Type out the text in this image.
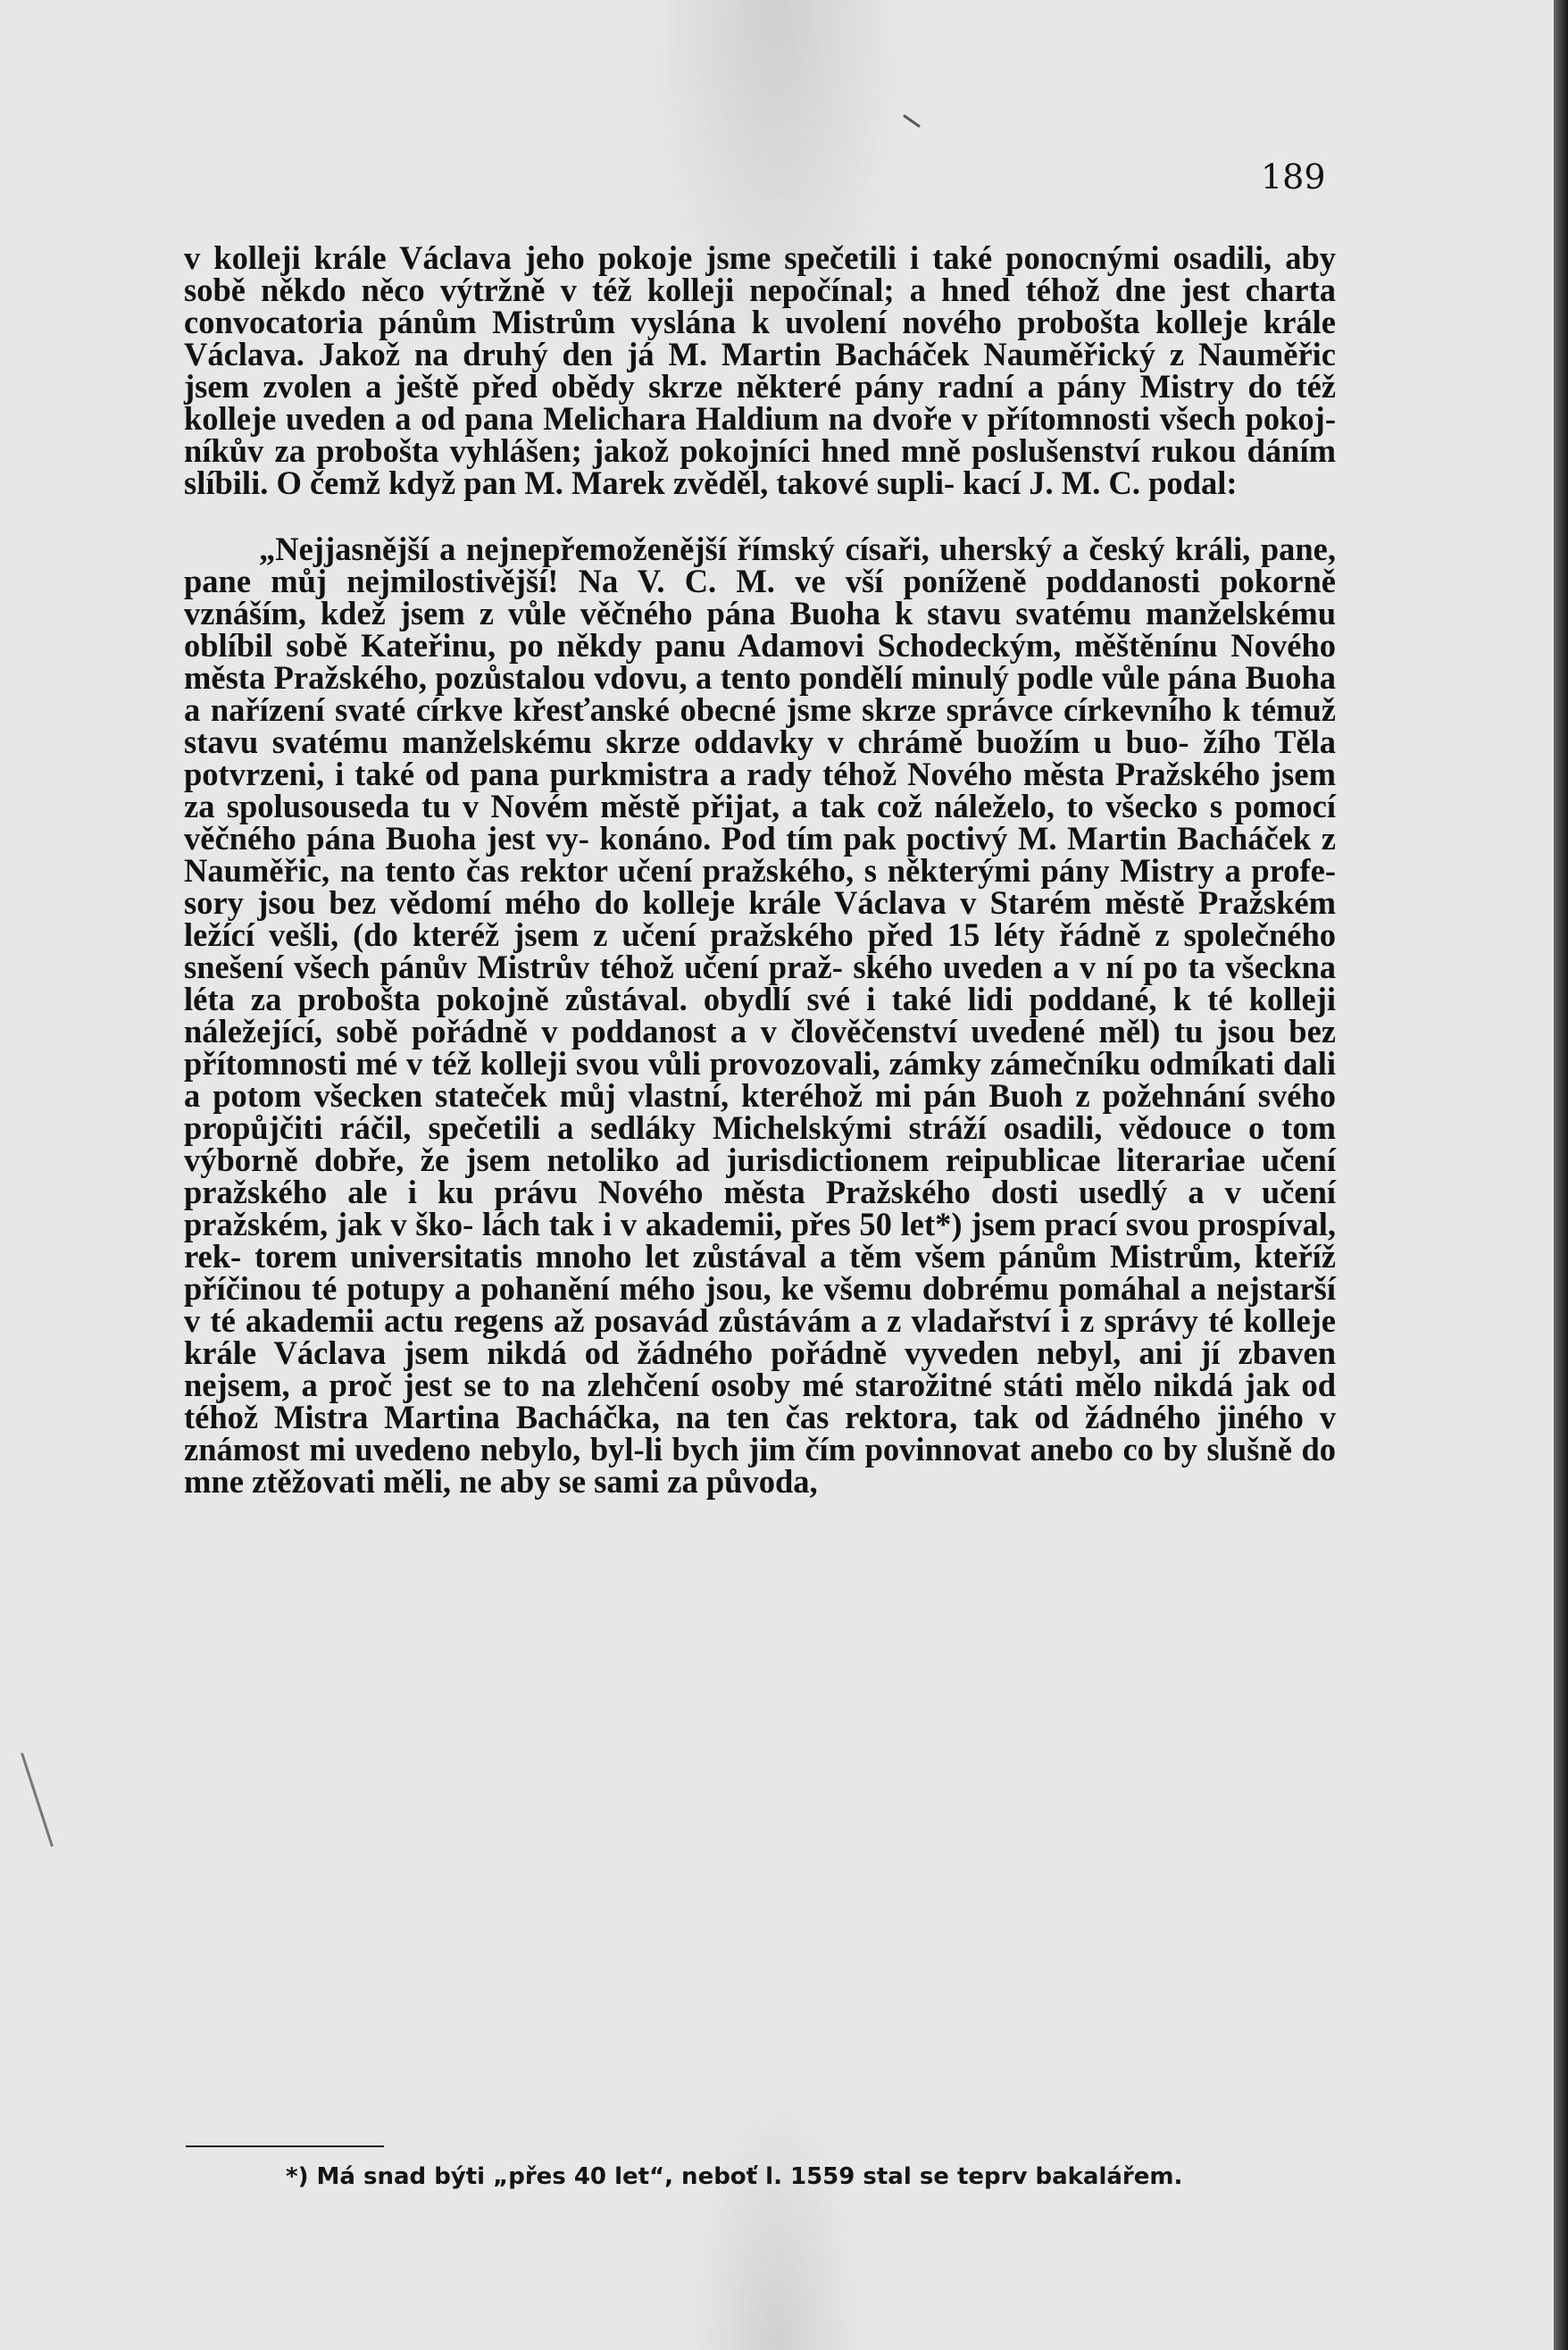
189

v kolleji krále Václava jeho pokoje jsme spečetili i také ponocnými osadili, aby sobě někdo něco výtržně v též kolleji nepočínal; a hned téhož dne jest charta convocatoria pánům Mistrům vyslána k uvolení nového probošta kolleje krále Václava. Jakož na druhý den já M. Martin Bacháček Nauměřický z Nauměřic jsem zvolen a ještě před obědy skrze některé pány radní a pány Mistry do též kolleje uveden a od pana Melichara Haldium na dvoře v přítomnosti všech pokoj- níkův za probošta vyhlášen; jakož pokojníci hned mně poslušenství rukou dáním slíbili. O čemž když pan M. Marek zvěděl, takové supli- kací J. M. C. podal:

„Nejjasnější a nejnepřemoženější římský císaři, uherský a český králi, pane, pane můj nejmilostivější! Na V. C. M. ve vší poníženě poddanosti pokorně vznáším, kdež jsem z vůle věčného pána Buoha k stavu svatému manželskému oblíbil sobě Kateřinu, po někdy panu Adamovi Schodeckým, měštěnínu Nového města Pražského, pozůstalou vdovu, a tento pondělí minulý podle vůle pána Buoha a nařízení svaté církve křesťanské obecné jsme skrze správce církevního k témuž stavu svatému manželskému skrze oddavky v chrámě buožím u buo- žího Těla potvrzeni, i také od pana purkmistra a rady téhož Nového města Pražského jsem za spolusouseda tu v Novém městě přijat, a tak což náleželo, to všecko s pomocí věčného pána Buoha jest vy- konáno. Pod tím pak poctivý M. Martin Bacháček z Nauměřic, na tento čas rektor učení pražského, s některými pány Mistry a profe- sory jsou bez vědomí mého do kolleje krále Václava v Starém městě Pražském ležící vešli, (do kteréž jsem z učení pražského před 15 léty řádně z společného snešení všech pánův Mistrův téhož učení praž- ského uveden a v ní po ta všeckna léta za probošta pokojně zůstával. obydlí své i také lidi poddané, k té kolleji náležející, sobě pořádně v poddanost a v člověčenství uvedené měl) tu jsou bez přítomnosti mé v též kolleji svou vůli provozovali, zámky zámečníku odmíkati dali a potom všecken stateček můj vlastní, kteréhož mi pán Buoh z požehnání svého propůjčiti ráčil, spečetili a sedláky Michelskými stráží osadili, vědouce o tom výborně dobře, že jsem netoliko ad jurisdictionem reipublicae literariae učení pražského ale i ku právu Nového města Pražského dosti usedlý a v učení pražském, jak v ško- lách tak i v akademii, přes 50 let*) jsem prací svou prospíval, rek- torem universitatis mnoho let zůstával a těm všem pánům Mistrům, kteříž příčinou té potupy a pohanění mého jsou, ke všemu dobrému pomáhal a nejstarší v té akademii actu regens až posavád zůstávám a z vladařství i z správy té kolleje krále Václava jsem nikdá od žádného pořádně vyveden nebyl, ani jí zbaven nejsem, a proč jest se to na zlehčení osoby mé starožitné státi mělo nikdá jak od téhož Mistra Martina Bacháčka, na ten čas rektora, tak od žádného jiného v známost mi uvedeno nebylo, byl-li bych jim čím povinnovat anebo co by slušně do mne ztěžovati měli, ne aby se sami za původa,

*) Má snad býti „přes 40 let“, neboť l. 1559 stal se teprv bakalářem.
